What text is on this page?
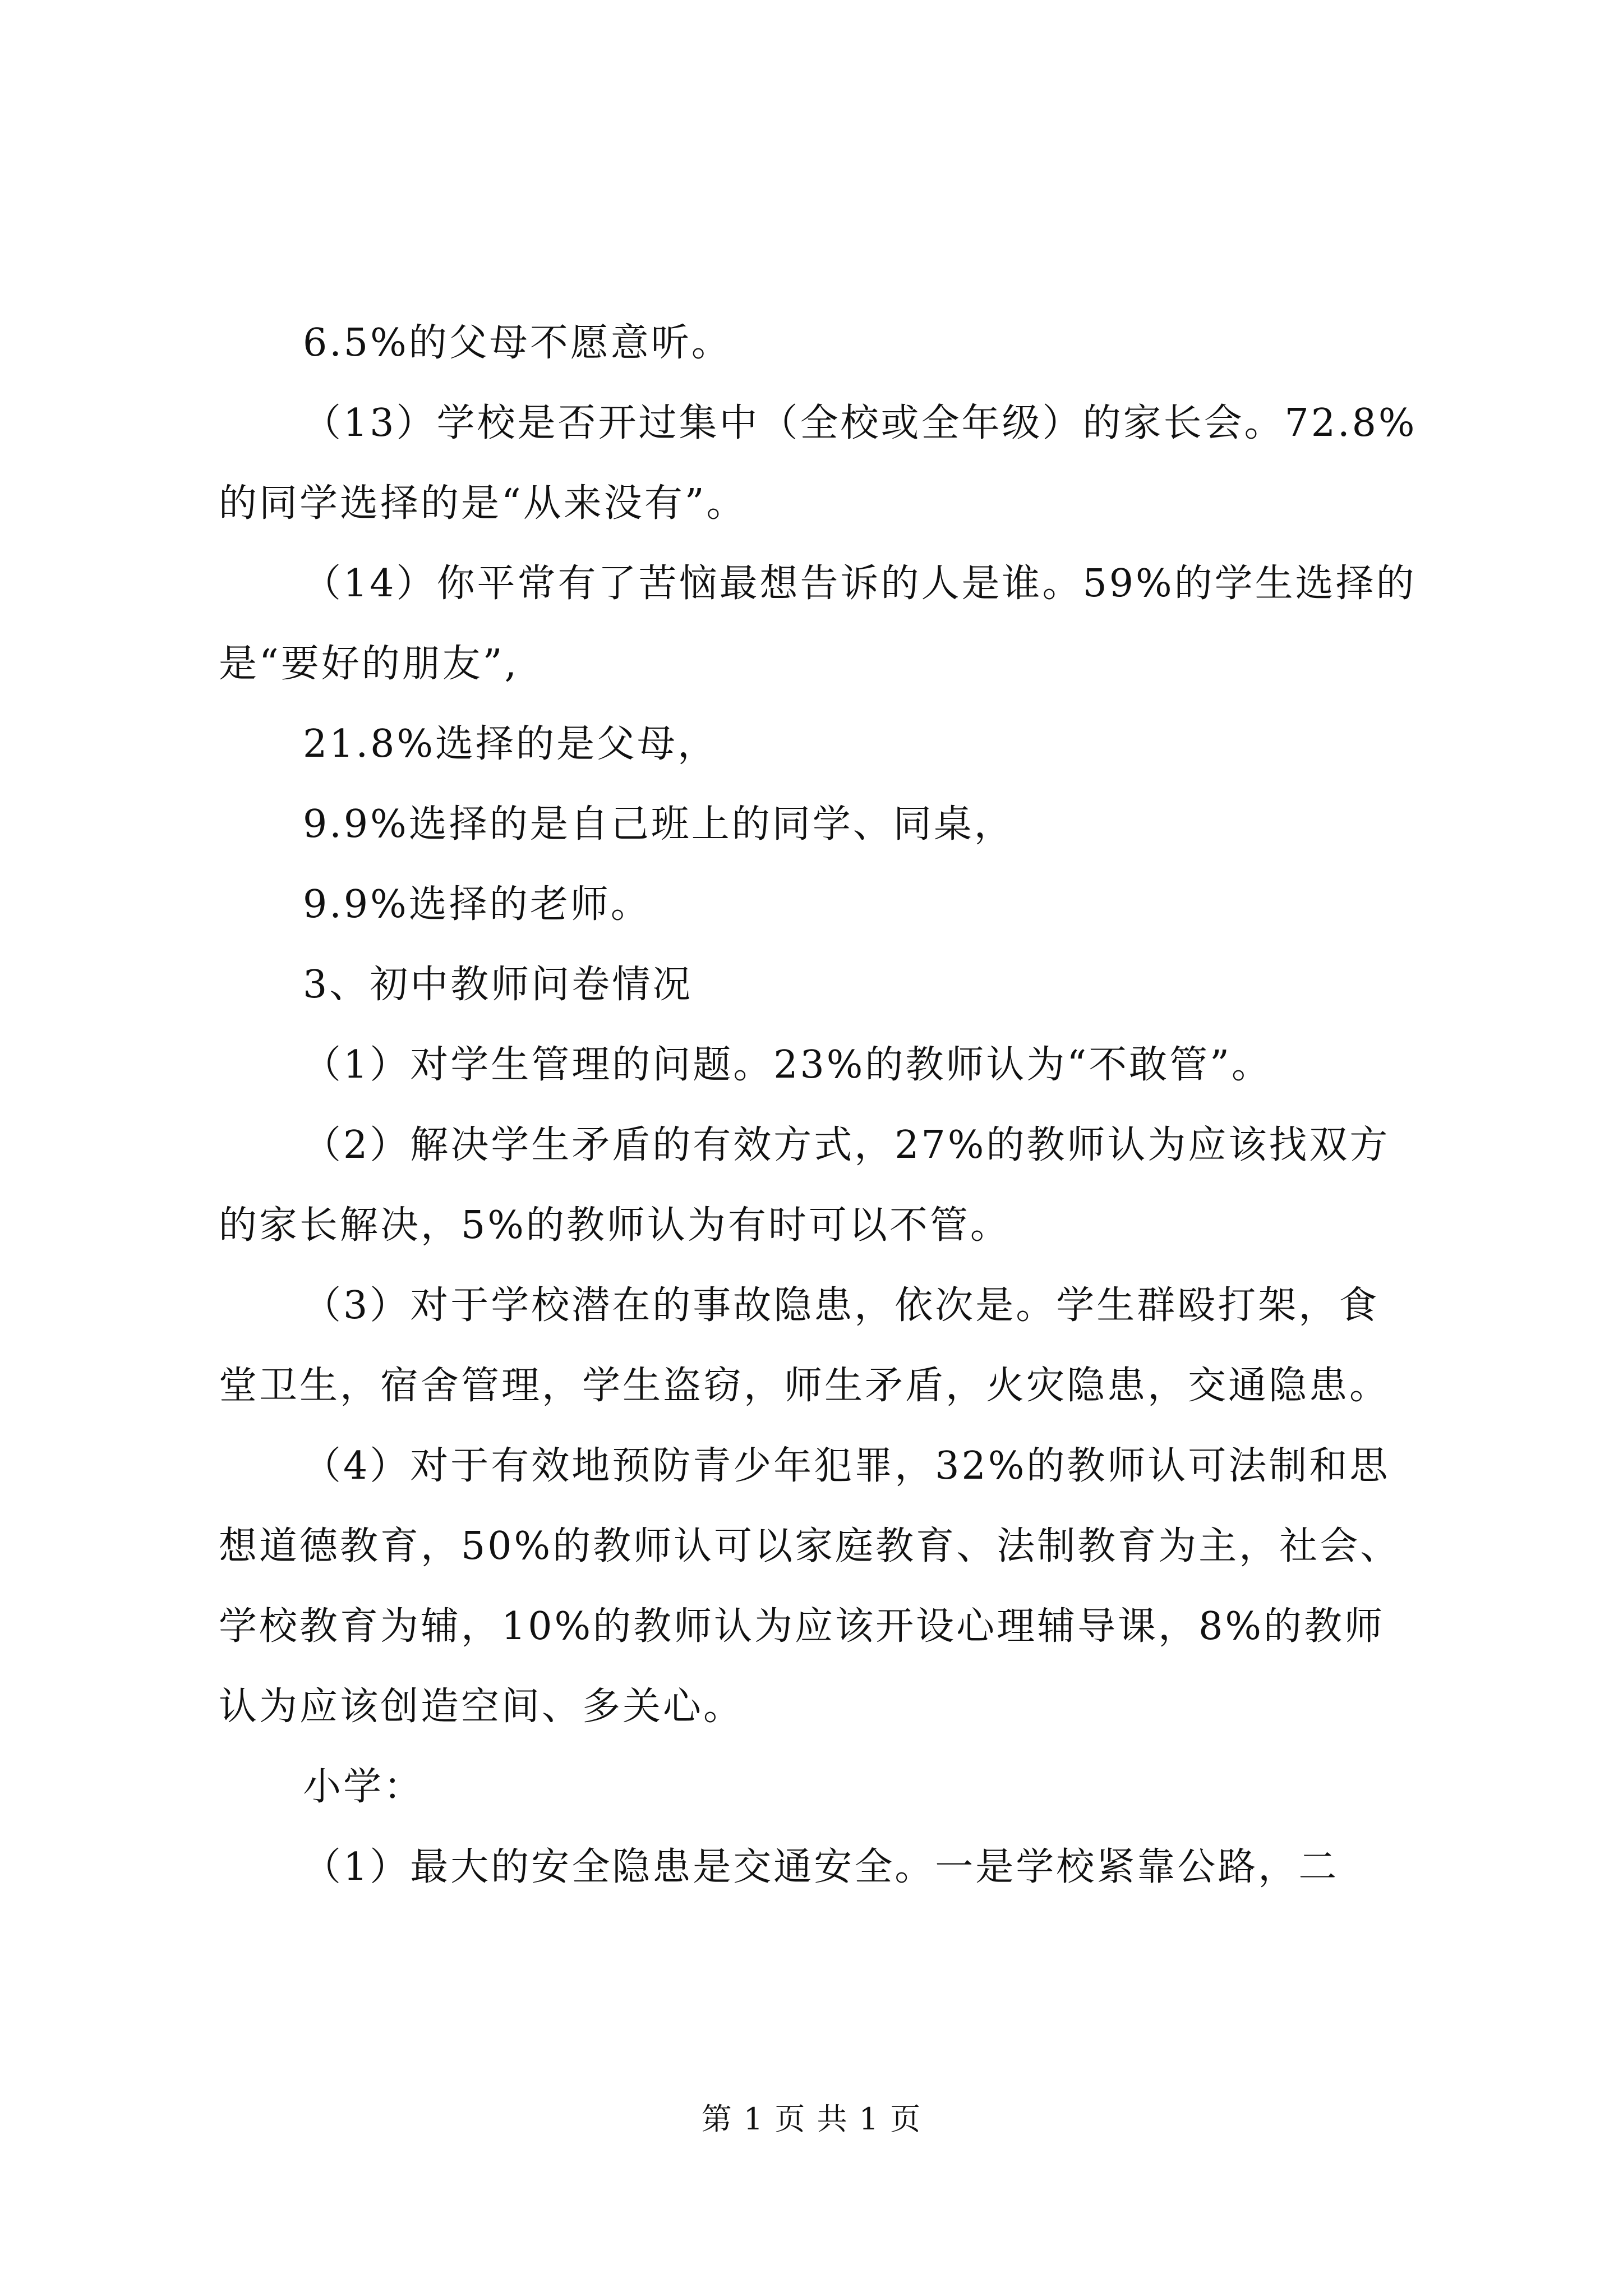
6.5%的父母不愿意听。

（13）学校是否开过集中（全校或全年级）的家长会。72.8%的同学选择的是“从来没有”。

（14）你平常有了苦恼最想告诉的人是谁。59%的学生选择的是“要好的朋友”,

21.8%选择的是父母，

9.9%选择的是自己班上的同学、同桌，

9.9%选择的老师。

3、初中教师问卷情况

（1）对学生管理的问题。23%的教师认为“不敢管”。

（2）解决学生矛盾的有效方式，27%的教师认为应该找双方的家长解决，5%的教师认为有时可以不管。

（3）对于学校潜在的事故隐患，依次是。学生群殴打架，食堂卫生，宿舍管理，学生盗窃，师生矛盾，火灾隐患，交通隐患。

（4）对于有效地预防青少年犯罪，32%的教师认可法制和思想道德教育，50%的教师认可以家庭教育、法制教育为主，社会、学校教育为辅，10%的教师认为应该开设心理辅导课，8%的教师认为应该创造空间、多关心。

小学：

（1）最大的安全隐患是交通安全。一是学校紧靠公路，二

第 1 页 共 1 页
